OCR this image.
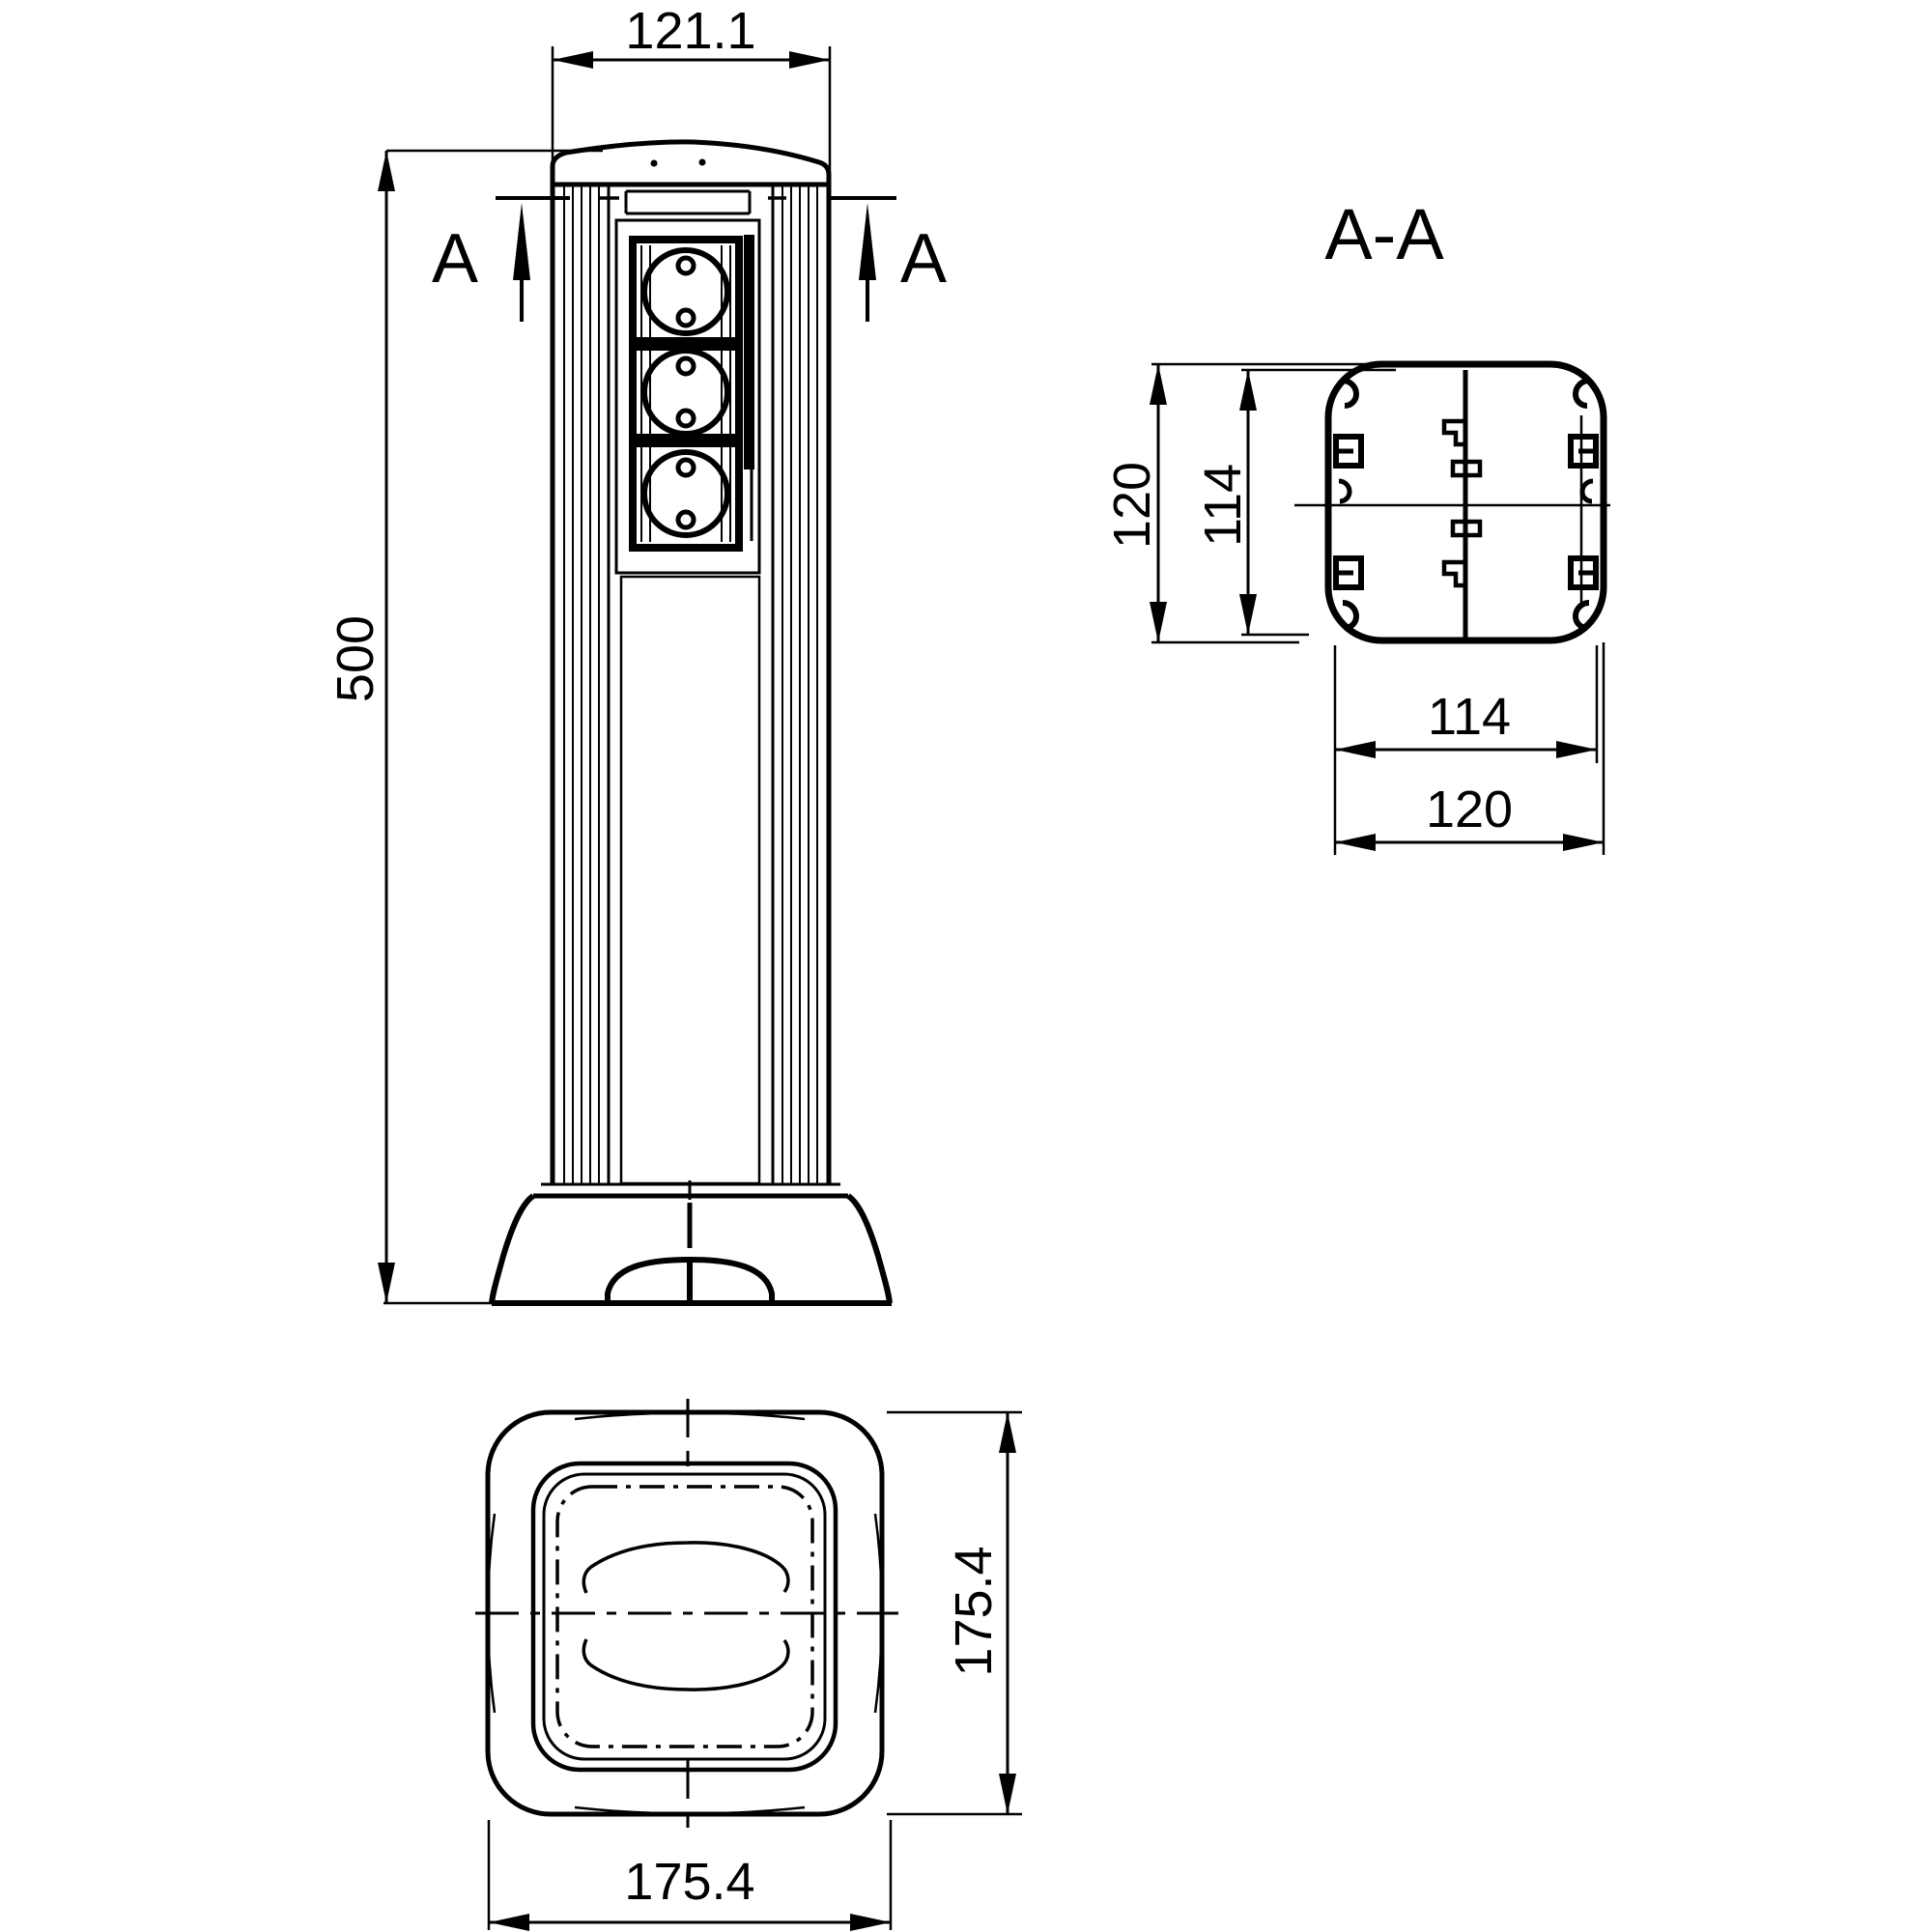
121.1
500
A	A	A-A
120 114
114
120
175.4
175.4
